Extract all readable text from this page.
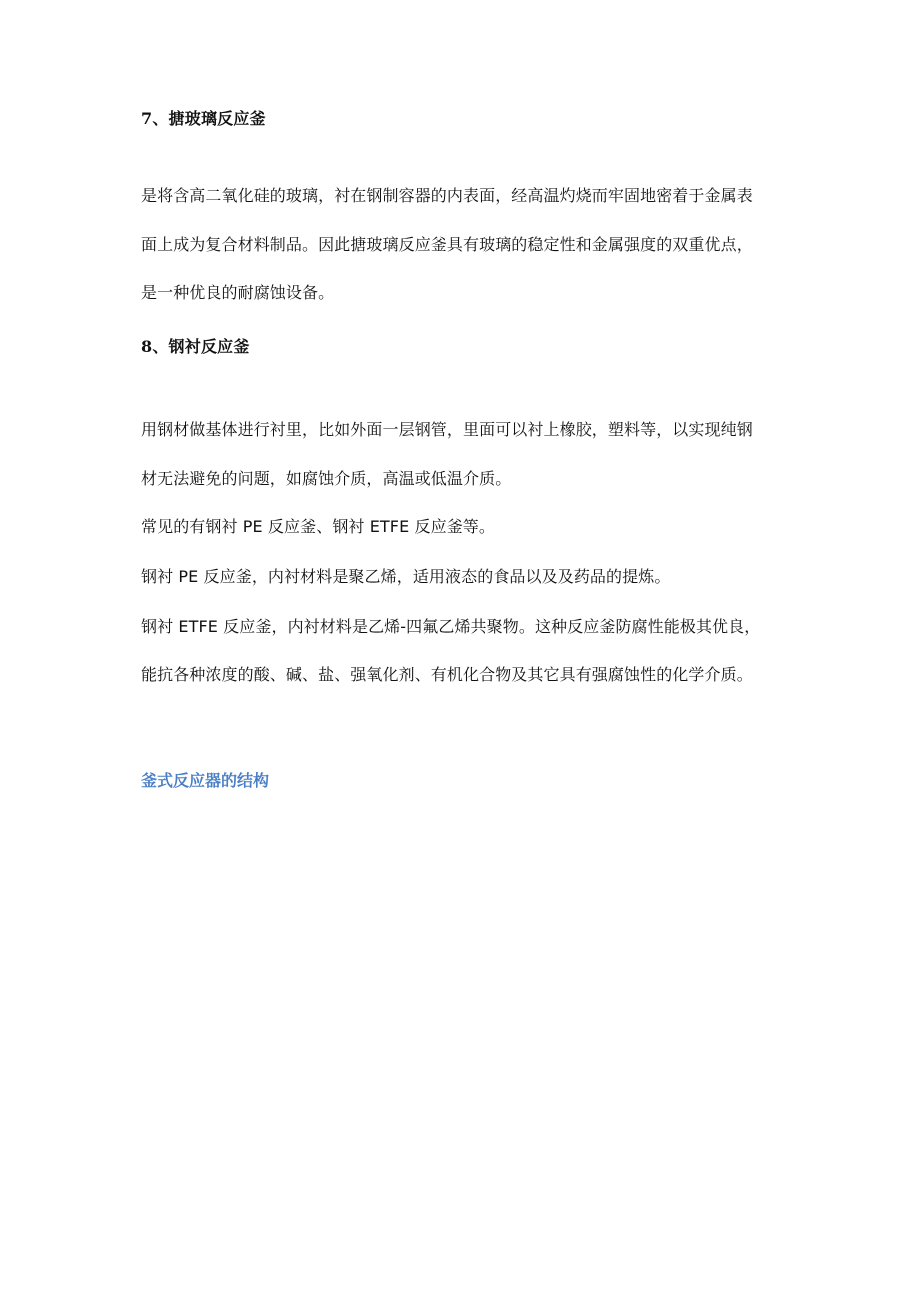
7、搪玻璃反应釜
是将含高二氧化硅的玻璃，衬在钢制容器的内表面，经高温灼烧而牢固地密着于金属表
面上成为复合材料制品。因此搪玻璃反应釜具有玻璃的稳定性和金属强度的双重优点，
是一种优良的耐腐蚀设备。
8、钢衬反应釜
用钢材做基体进行衬里，比如外面一层钢管，里面可以衬上橡胶，塑料等，以实现纯钢
材无法避免的问题，如腐蚀介质，高温或低温介质。
常见的有钢衬 PE 反应釜、钢衬 ETFE 反应釜等。
钢衬 PE 反应釜，内衬材料是聚乙烯，适用液态的食品以及及药品的提炼。
钢衬 ETFE 反应釜，内衬材料是乙烯-四氟乙烯共聚物。这种反应釜防腐性能极其优良，
能抗各种浓度的酸、碱、盐、强氧化剂、有机化合物及其它具有强腐蚀性的化学介质。
釜式反应器的结构
